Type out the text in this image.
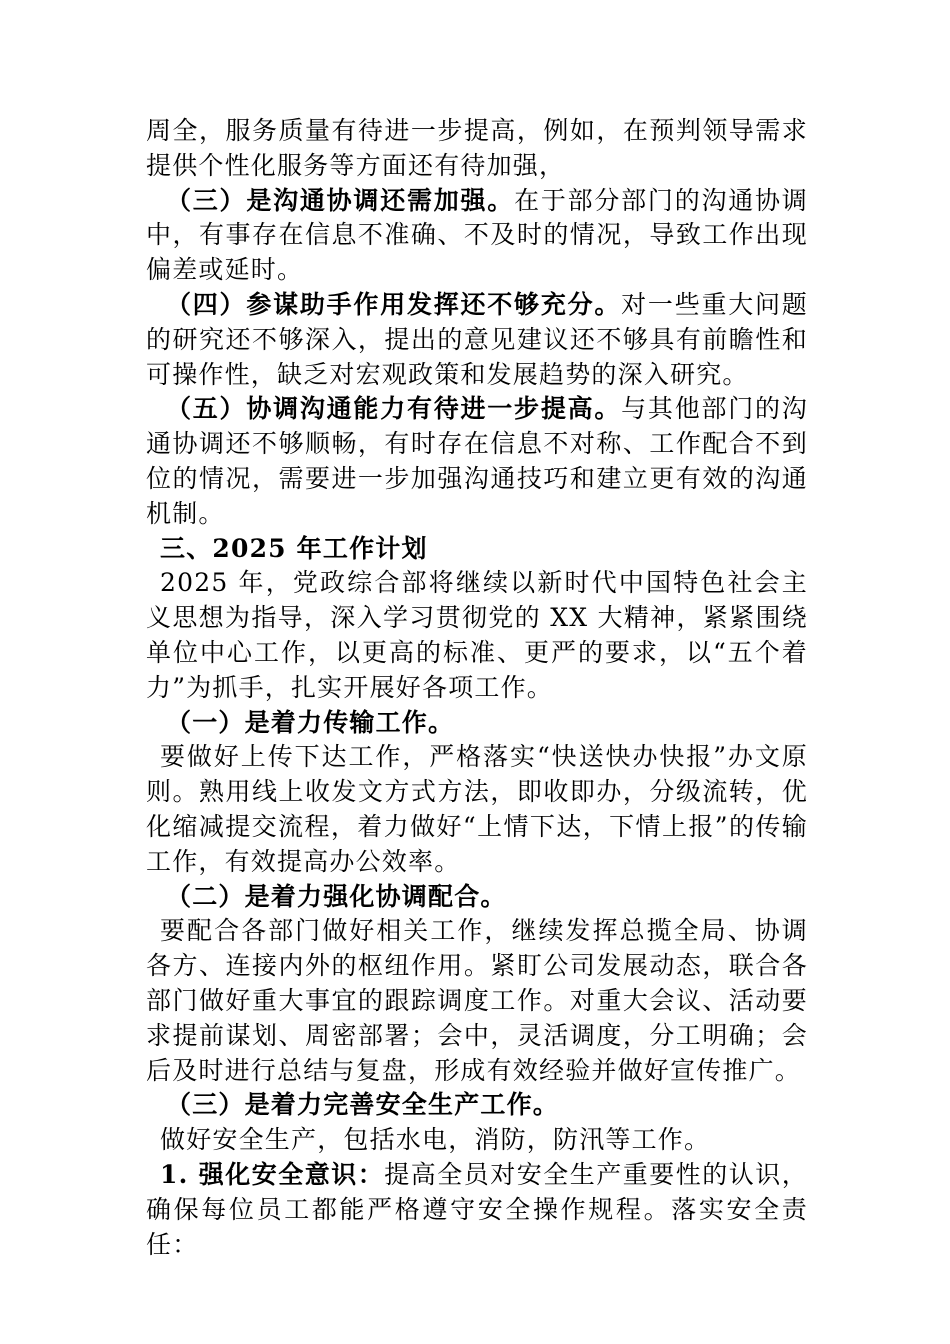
周全，服务质量有待进一步提高，例如，在预判领导需求提供个性化服务等方面还有待加强，

（三）是沟通协调还需加强。在于部分部门的沟通协调中，有事存在信息不准确、不及时的情况，导致工作出现偏差或延时。

（四）参谋助手作用发挥还不够充分。对一些重大问题的研究还不够深入，提出的意见建议还不够具有前瞻性和可操作性，缺乏对宏观政策和发展趋势的深入研究。

（五）协调沟通能力有待进一步提高。与其他部门的沟通协调还不够顺畅，有时存在信息不对称、工作配合不到位的情况，需要进一步加强沟通技巧和建立更有效的沟通机制。

三、2025 年工作计划

2025 年，党政综合部将继续以新时代中国特色社会主义思想为指导，深入学习贯彻党的 XX 大精神，紧紧围绕单位中心工作，以更高的标准、更严的要求，以“五个着力”为抓手，扎实开展好各项工作。

（一）是着力传输工作。

要做好上传下达工作，严格落实“快送快办快报”办文原则。熟用线上收发文方式方法，即收即办，分级流转，优化缩减提交流程，着力做好“上情下达，下情上报”的传输工作，有效提高办公效率。

（二）是着力强化协调配合。

要配合各部门做好相关工作，继续发挥总揽全局、协调各方、连接内外的枢纽作用。紧盯公司发展动态，联合各部门做好重大事宜的跟踪调度工作。对重大会议、活动要求提前谋划、周密部署；会中，灵活调度，分工明确；会后及时进行总结与复盘，形成有效经验并做好宣传推广。

（三）是着力完善安全生产工作。

做好安全生产，包括水电，消防，防汛等工作。

1. 强化安全意识：提高全员对安全生产重要性的认识，确保每位员工都能严格遵守安全操作规程。落实安全责任：
